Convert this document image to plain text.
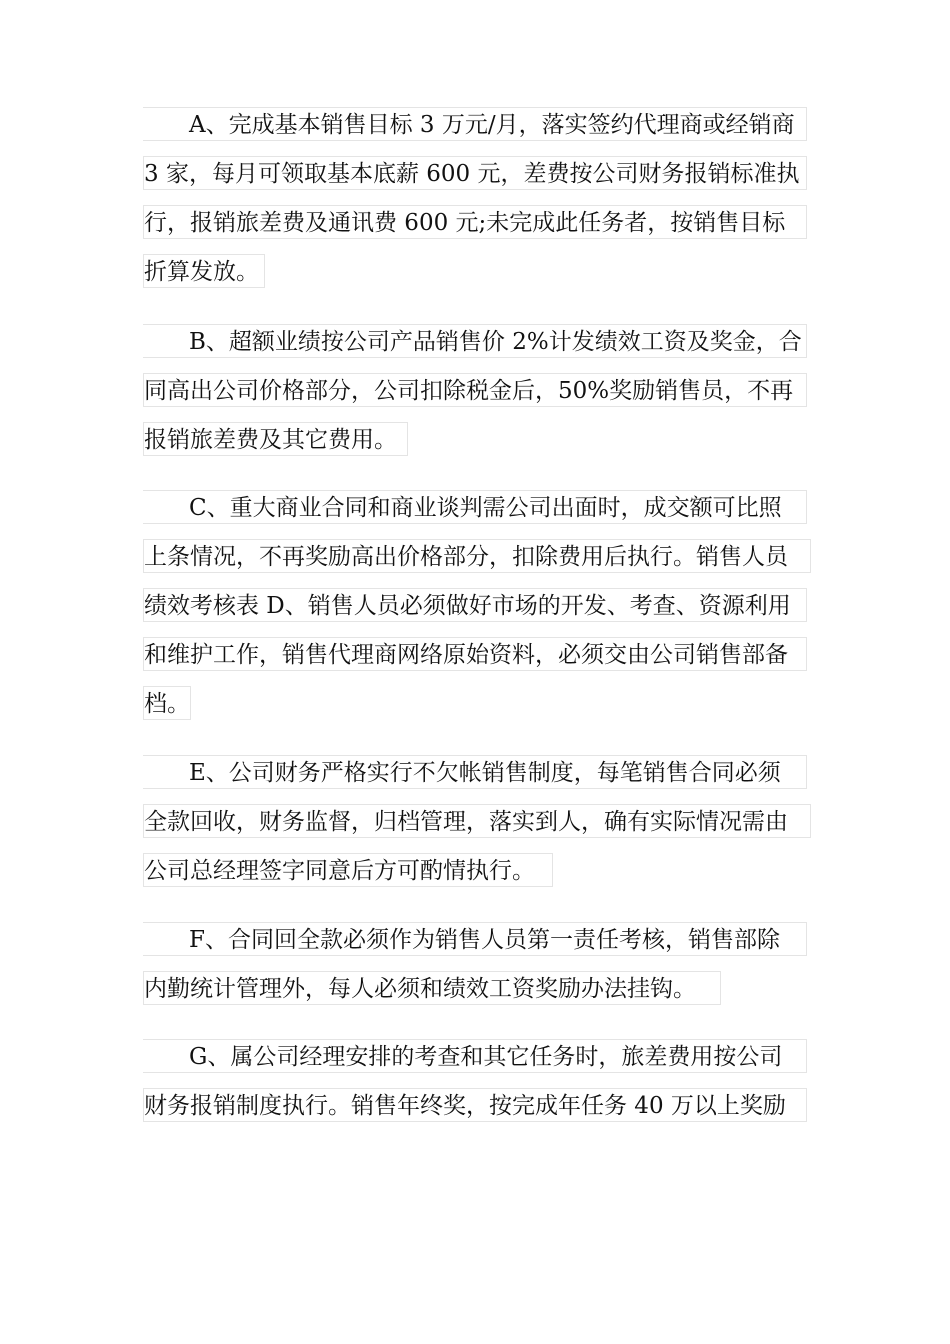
A、完成基本销售目标 3 万元/月，落实签约代理商或经销商
3 家，每月可领取基本底薪 600 元，差费按公司财务报销标准执
行，报销旅差费及通讯费 600 元;未完成此任务者，按销售目标
折算发放。
B、超额业绩按公司产品销售价 2%计发绩效工资及奖金，合
同高出公司价格部分，公司扣除税金后，50%奖励销售员，不再
报销旅差费及其它费用。
C、重大商业合同和商业谈判需公司出面时，成交额可比照
上条情况，不再奖励高出价格部分，扣除费用后执行。销售人员
绩效考核表 D、销售人员必须做好市场的开发、考查、资源利用
和维护工作，销售代理商网络原始资料，必须交由公司销售部备
档。
E、公司财务严格实行不欠帐销售制度，每笔销售合同必须
全款回收，财务监督，归档管理，落实到人，确有实际情况需由
公司总经理签字同意后方可酌情执行。
F、合同回全款必须作为销售人员第一责任考核，销售部除
内勤统计管理外，每人必须和绩效工资奖励办法挂钩。
G、属公司经理安排的考查和其它任务时，旅差费用按公司
财务报销制度执行。销售年终奖，按完成年任务 40 万以上奖励
